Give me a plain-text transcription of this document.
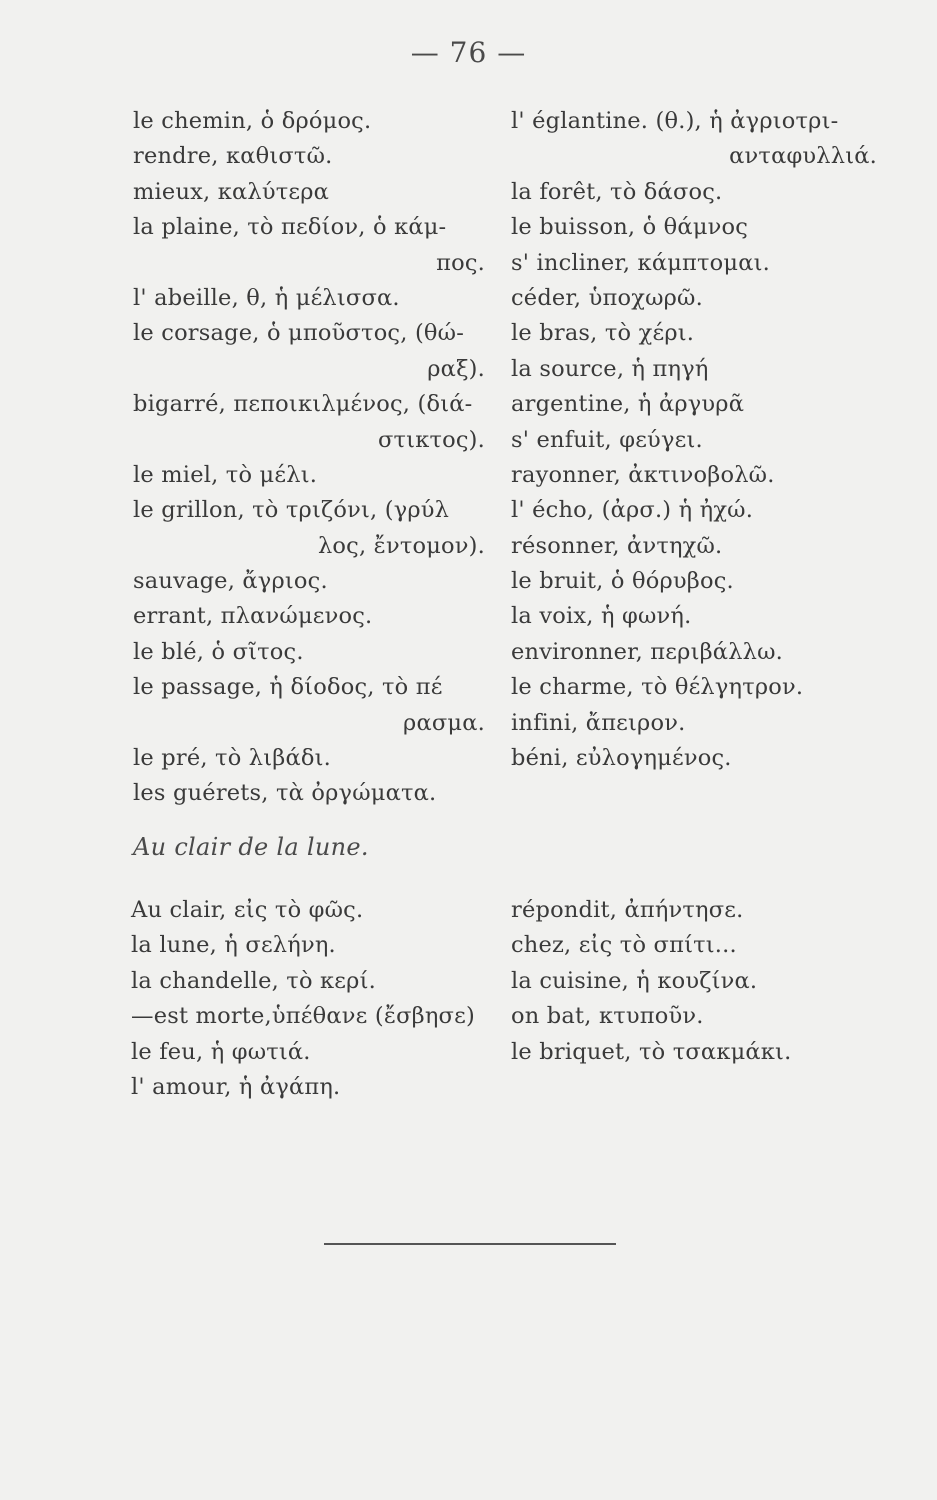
— 76 —
le chemin, ὁ δρόμος.
rendre, καθιστῶ.
mieux, καλύτερα
la plaine, τὸ πεδίον, ὁ κάμ-
πος.
l' abeille, θ, ἡ μέλισσα.
le corsage, ὁ μποῦστος, (θώ-
ραξ).
bigarré, πεποικιλμένος, (διά-
στικτος).
le miel, τὸ μέλι.
le grillon, τὸ τριζόνι, (γρύλ
λος, ἔντομον).
sauvage, ἄγριος.
errant, πλανώμενος.
le blé, ὁ σῖτος.
le passage, ἡ δίοδος, τὸ πέ
ρασμα.
le pré, τὸ λιβάδι.
les guérets, τὰ ὀργώματα.
l' églantine. (θ.), ἡ ἀγριοτρι-
ανταφυλλιά.
la forêt, τὸ δάσος.
le buisson, ὁ θάμνος
s' incliner, κάμπτομαι.
céder, ὑποχωρῶ.
le bras, τὸ χέρι.
la source, ἡ πηγή
argentine, ἡ ἀργυρᾶ
s' enfuit, φεύγει.
rayonner, ἀκτινοβολῶ.
l' écho, (ἀρσ.) ἡ ἠχώ.
résonner, ἀντηχῶ.
le bruit, ὁ θόρυβος.
la voix, ἡ φωνή.
environner, περιβάλλω.
le charme, τὸ θέλγητρον.
infini, ἄπειρον.
béni, εὐλογημένος.
Au clair de la lune.
Au clair, εἰς τὸ φῶς.
la lune, ἡ σελήνη.
la chandelle, τὸ κερί.
—est morte,ὑπέθανε (ἔσβησε)
le feu, ἡ φωτιά.
l' amour, ἡ ἀγάπη.
répondit, ἀπήντησε.
chez, εἰς τὸ σπίτι...
la cuisine, ἡ κουζίνα.
on bat, κτυποῦν.
le briquet, τὸ τσακμάκι.
